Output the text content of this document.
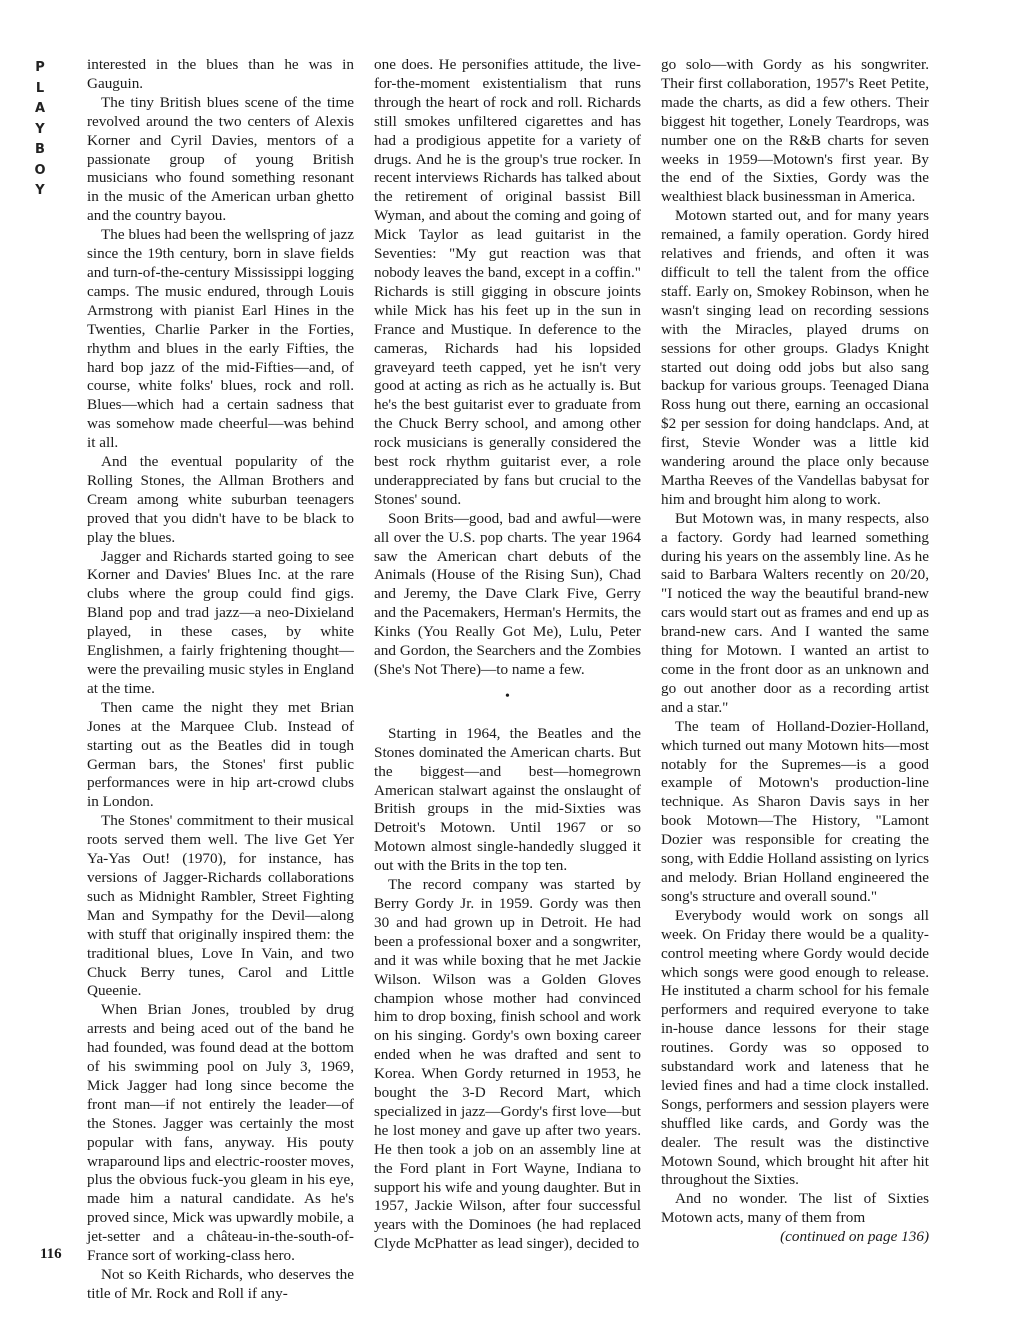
P
L
A
Y
B
O
Y

interested in the blues than he was in Gauguin.

The tiny British blues scene of the time revolved around the two centers of Alexis Korner and Cyril Davies, mentors of a passionate group of young British musicians who found something resonant in the music of the American urban ghetto and the country bayou.

The blues had been the wellspring of jazz since the 19th century, born in slave fields and turn-of-the-century Mississippi logging camps. The music endured, through Louis Armstrong with pianist Earl Hines in the Twenties, Charlie Parker in the Forties, rhythm and blues in the early Fifties, the hard bop jazz of the mid-Fifties—and, of course, white folks' blues, rock and roll. Blues—which had a certain sadness that was somehow made cheerful—was behind it all.

And the eventual popularity of the Rolling Stones, the Allman Brothers and Cream among white suburban teenagers proved that you didn't have to be black to play the blues.

Jagger and Richards started going to see Korner and Davies' Blues Inc. at the rare clubs where the group could find gigs. Bland pop and trad jazz—a neo-Dixieland played, in these cases, by white Englishmen, a fairly frightening thought—were the prevailing music styles in England at the time.

Then came the night they met Brian Jones at the Marquee Club. Instead of starting out as the Beatles did in tough German bars, the Stones' first public performances were in hip art-crowd clubs in London.

The Stones' commitment to their musical roots served them well. The live Get Yer Ya-Yas Out! (1970), for instance, has versions of Jagger-Richards collaborations such as Midnight Rambler, Street Fighting Man and Sympathy for the Devil—along with stuff that originally inspired them: the traditional blues, Love In Vain, and two Chuck Berry tunes, Carol and Little Queenie.

When Brian Jones, troubled by drug arrests and being aced out of the band he had founded, was found dead at the bottom of his swimming pool on July 3, 1969, Mick Jagger had long since become the front man—if not entirely the leader—of the Stones. Jagger was certainly the most popular with fans, anyway. His pouty wraparound lips and electric-rooster moves, plus the obvious fuck-you gleam in his eye, made him a natural candidate. As he's proved since, Mick was upwardly mobile, a jet-setter and a château-in-the-south-of-France sort of working-class hero.

Not so Keith Richards, who deserves the title of Mr. Rock and Roll if any-

one does. He personifies attitude, the live-for-the-moment existentialism that runs through the heart of rock and roll. Richards still smokes unfiltered cigarettes and has had a prodigious appetite for a variety of drugs. And he is the group's true rocker. In recent interviews Richards has talked about the retirement of original bassist Bill Wyman, and about the coming and going of Mick Taylor as lead guitarist in the Seventies: "My gut reaction was that nobody leaves the band, except in a coffin." Richards is still gigging in obscure joints while Mick has his feet up in the sun in France and Mustique. In deference to the cameras, Richards had his lopsided graveyard teeth capped, yet he isn't very good at acting as rich as he actually is. But he's the best guitarist ever to graduate from the Chuck Berry school, and among other rock musicians is generally considered the best rock rhythm guitarist ever, a role underappreciated by fans but crucial to the Stones' sound.

Soon Brits—good, bad and awful—were all over the U.S. pop charts. The year 1964 saw the American chart debuts of the Animals (House of the Rising Sun), Chad and Jeremy, the Dave Clark Five, Gerry and the Pacemakers, Herman's Hermits, the Kinks (You Really Got Me), Lulu, Peter and Gordon, the Searchers and the Zombies (She's Not There)—to name a few.

•

Starting in 1964, the Beatles and the Stones dominated the American charts. But the biggest—and best—homegrown American stalwart against the onslaught of British groups in the mid-Sixties was Detroit's Motown. Until 1967 or so Motown almost single-handedly slugged it out with the Brits in the top ten.

The record company was started by Berry Gordy Jr. in 1959. Gordy was then 30 and had grown up in Detroit. He had been a professional boxer and a songwriter, and it was while boxing that he met Jackie Wilson. Wilson was a Golden Gloves champion whose mother had convinced him to drop boxing, finish school and work on his singing. Gordy's own boxing career ended when he was drafted and sent to Korea. When Gordy returned in 1953, he bought the 3-D Record Mart, which specialized in jazz—Gordy's first love—but he lost money and gave up after two years. He then took a job on an assembly line at the Ford plant in Fort Wayne, Indiana to support his wife and young daughter. But in 1957, Jackie Wilson, after four successful years with the Dominoes (he had replaced Clyde McPhatter as lead singer), decided to

go solo—with Gordy as his songwriter. Their first collaboration, 1957's Reet Petite, made the charts, as did a few others. Their biggest hit together, Lonely Teardrops, was number one on the R&B charts for seven weeks in 1959—Motown's first year. By the end of the Sixties, Gordy was the wealthiest black businessman in America.

Motown started out, and for many years remained, a family operation. Gordy hired relatives and friends, and often it was difficult to tell the talent from the office staff. Early on, Smokey Robinson, when he wasn't singing lead on recording sessions with the Miracles, played drums on sessions for other groups. Gladys Knight started out doing odd jobs but also sang backup for various groups. Teenaged Diana Ross hung out there, earning an occasional $2 per session for doing handclaps. And, at first, Stevie Wonder was a little kid wandering around the place only because Martha Reeves of the Vandellas babysat for him and brought him along to work.

But Motown was, in many respects, also a factory. Gordy had learned something during his years on the assembly line. As he said to Barbara Walters recently on 20/20, "I noticed the way the beautiful brand-new cars would start out as frames and end up as brand-new cars. And I wanted the same thing for Motown. I wanted an artist to come in the front door as an unknown and go out another door as a recording artist and a star."

The team of Holland-Dozier-Holland, which turned out many Motown hits—most notably for the Supremes—is a good example of Motown's production-line technique. As Sharon Davis says in her book Motown—The History, "Lamont Dozier was responsible for creating the song, with Eddie Holland assisting on lyrics and melody. Brian Holland engineered the song's structure and overall sound."

Everybody would work on songs all week. On Friday there would be a quality-control meeting where Gordy would decide which songs were good enough to release. He instituted a charm school for his female performers and required everyone to take in-house dance lessons for their stage routines. Gordy was so opposed to substandard work and lateness that he levied fines and had a time clock installed. Songs, performers and session players were shuffled like cards, and Gordy was the dealer. The result was the distinctive Motown Sound, which brought hit after hit throughout the Sixties.

And no wonder. The list of Sixties Motown acts, many of them from

(continued on page 136)

116
